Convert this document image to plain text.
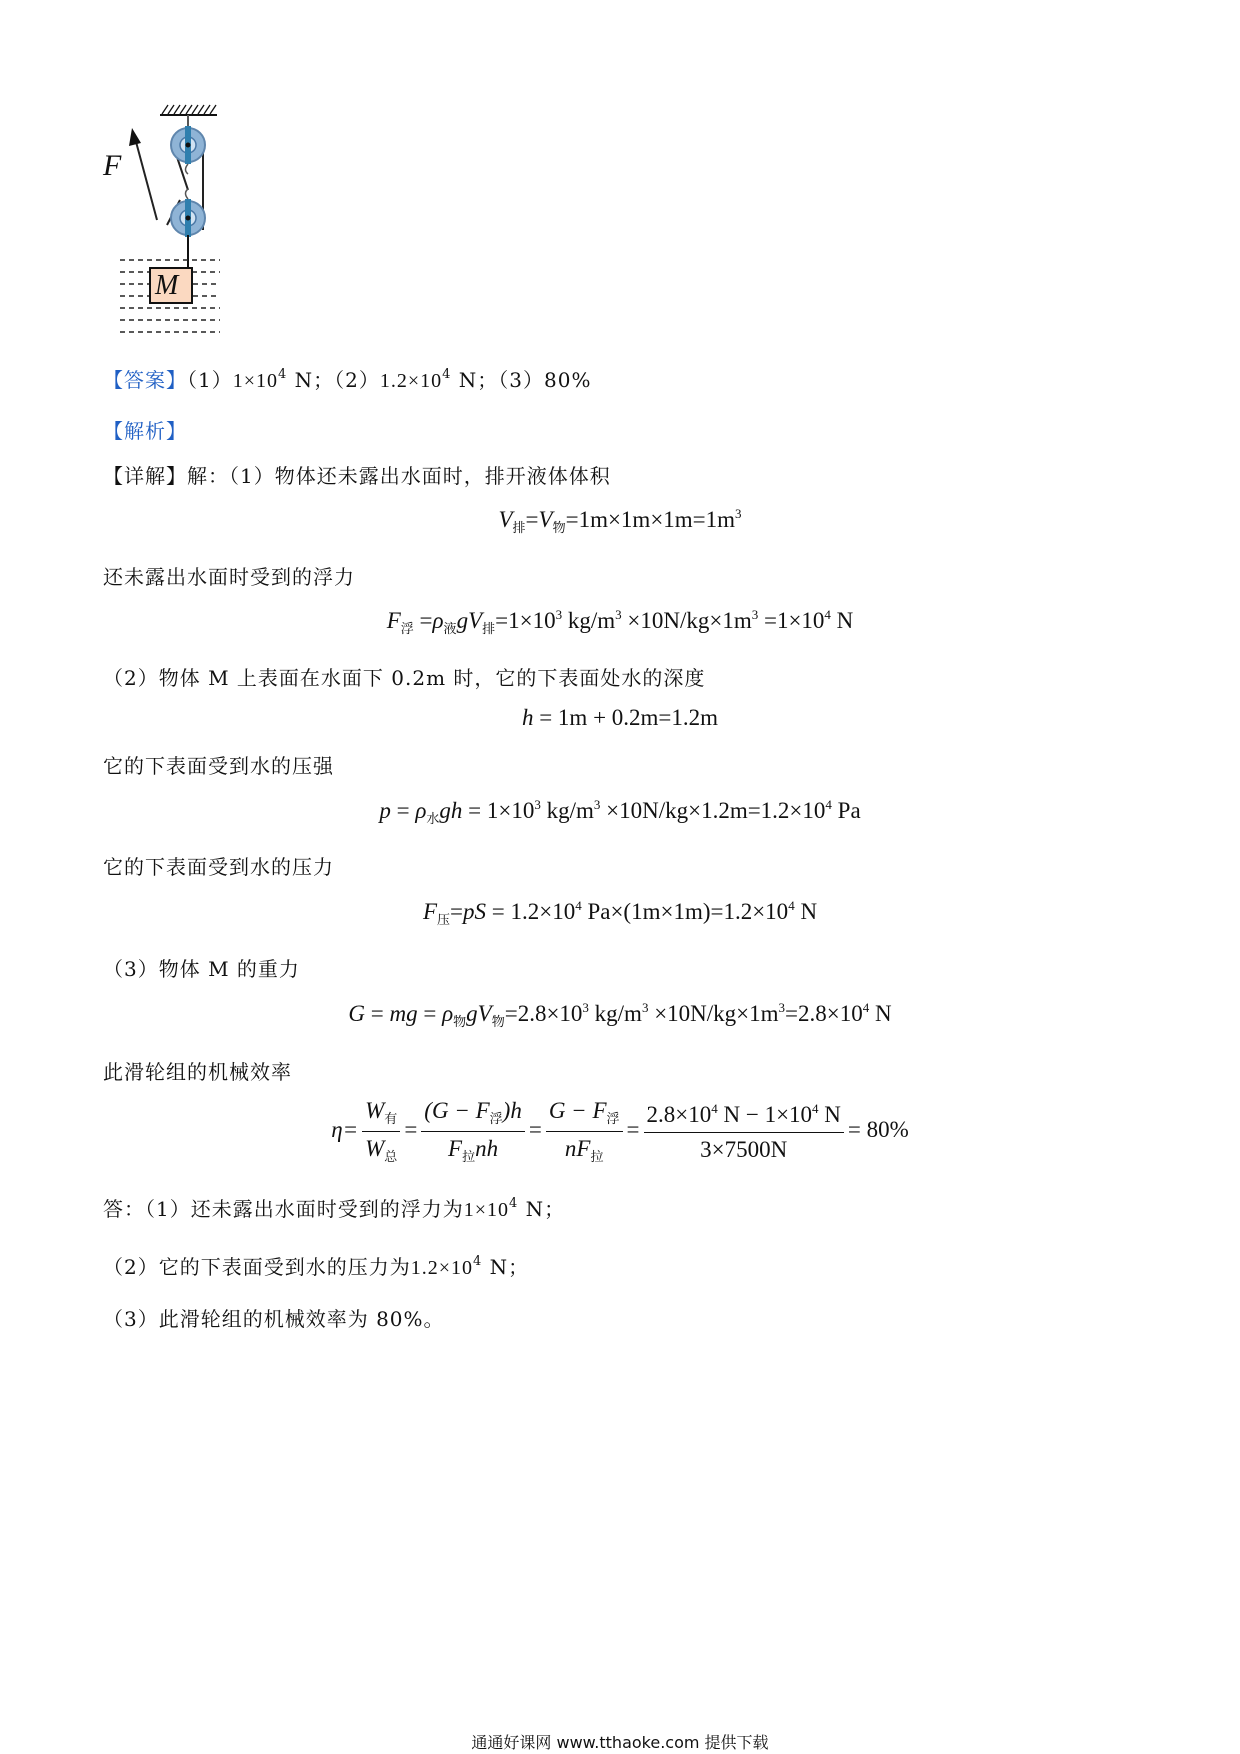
F
M
【答案】$(1)1\times 10^4$ N；$(2)1.2\times 10^4$ N；（3）80%
【解析】
【详解】解：（1）物体还未露出水面时，排开液体体积
$V_排=V_物=1m\times 1m\times 1m=1m^3$
还未露出水面时受到的浮力
$F_浮 =\rho_液gV_排=1\times 10^3$ $kg/m^3 \times 10N/kg\times 1m^3 =1\times 10^4$ N
（2）物体 M 上表面在水面下 0.2m 时，它的下表面处水的深度
h = 1m + 0.2m=1.2m
它的下表面受到水的压强
$p = \rho_水gh = 1\times 10^3$ $kg/m^3 \times 10N/kg\times 1.2m=1.2\times 10^4$ Pa
它的下表面受到水的压力
$F_压=pS = 1.2\times 10^4$ $Pa\times(1m\times 1m)=1.2\times 10^4$ N
（3）物体 M 的重力
G = mg = $\rho_物gV_物=2.8\times 10^3$ $kg/m^3 \times 10N/kg\times 1m^3=2.8\times 10^4$ N
此滑轮组的机械效率
$\eta= \frac{W_有}{W_总} = \frac{(G - F_浮)h}{F_拉nh} = \frac{G - F_浮}{nF_拉} = \frac{2.8\times 10^4 N - 1\times 10^4 N}{3\times 7500N} = 80\%$
答：（1）还未露出水面时受到的浮力为$1\times 10^4$ N；
（2）它的下表面受到水的压力为$1.2\times 10^4$ N；
（3）此滑轮组的机械效率为 80%。
通通好课网 www.tthaoke.com 提供下载
